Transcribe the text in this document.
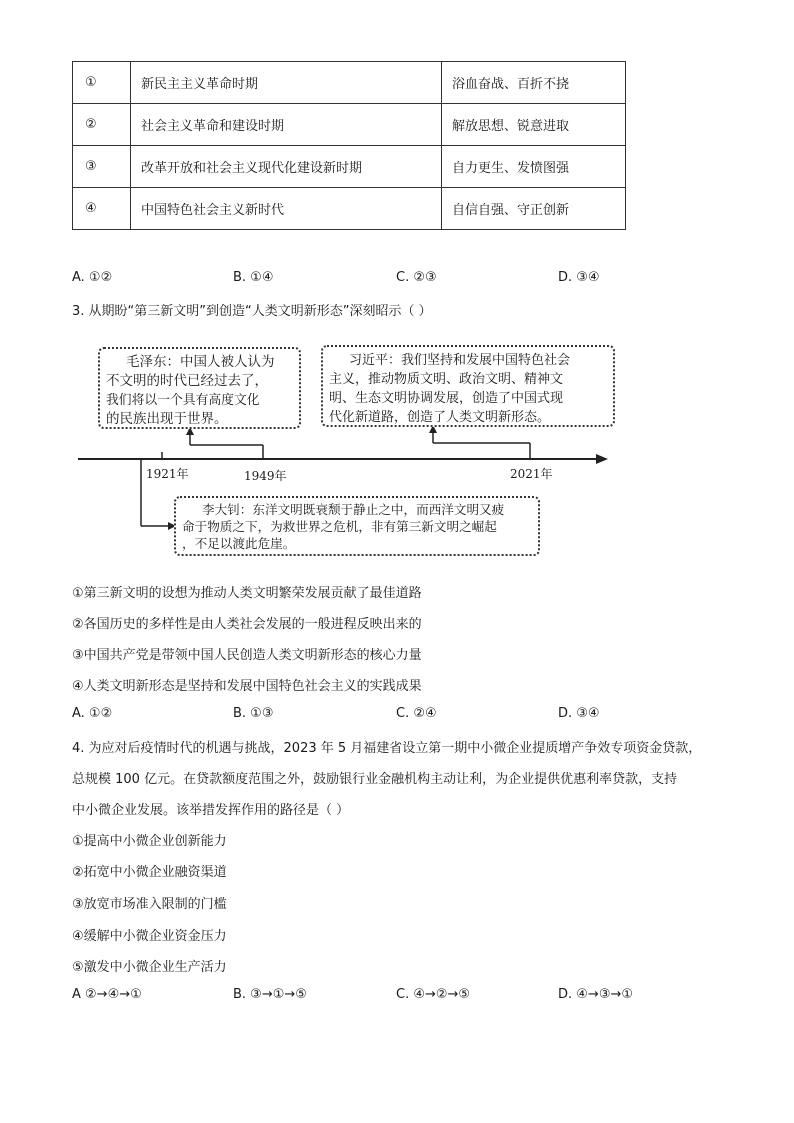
①	新民主主义革命时期	浴血奋战、百折不挠
②	社会主义革命和建设时期	解放思想、锐意进取
③	改革开放和社会主义现代化建设新时期	自力更生、发愤图强
④	中国特色社会主义新时代	自信自强、守正创新
A. ①②	B. ①④	C. ②③	D. ③④
3. 从期盼“第三新文明”到创造“人类文明新形态”深刻昭示（ ）
毛泽东：中国人被人认为
不文明的时代已经过去了，
我们将以一个具有高度文化
的民族出现于世界。
习近平：我们坚持和发展中国特色社会
主义，推动物质文明、政治文明、精神文
明、生态文明协调发展，创造了中国式现
代化新道路，创造了人类文明新形态。
1921年	1949年	2021年
李大钊：东洋文明既衰颓于静止之中，而西洋文明又疲
命于物质之下，为救世界之危机，非有第三新文明之崛起
，不足以渡此危崖。
①第三新文明的设想为推动人类文明繁荣发展贡献了最佳道路
②各国历史的多样性是由人类社会发展的一般进程反映出来的
③中国共产党是带领中国人民创造人类文明新形态的核心力量
④人类文明新形态是坚持和发展中国特色社会主义的实践成果
A. ①②	B. ①③	C. ②④	D. ③④
4. 为应对后疫情时代的机遇与挑战，2023 年 5 月福建省设立第一期中小微企业提质增产争效专项资金贷款，
总规模 100 亿元。在贷款额度范围之外，鼓励银行业金融机构主动让利，为企业提供优惠利率贷款，支持
中小微企业发展。该举措发挥作用的路径是（ ）
①提高中小微企业创新能力
②拓宽中小微企业融资渠道
③放宽市场准入限制的门槛
④缓解中小微企业资金压力
⑤激发中小微企业生产活力
A ②→④→①	B. ③→①→⑤	C. ④→②→⑤	D. ④→③→①
